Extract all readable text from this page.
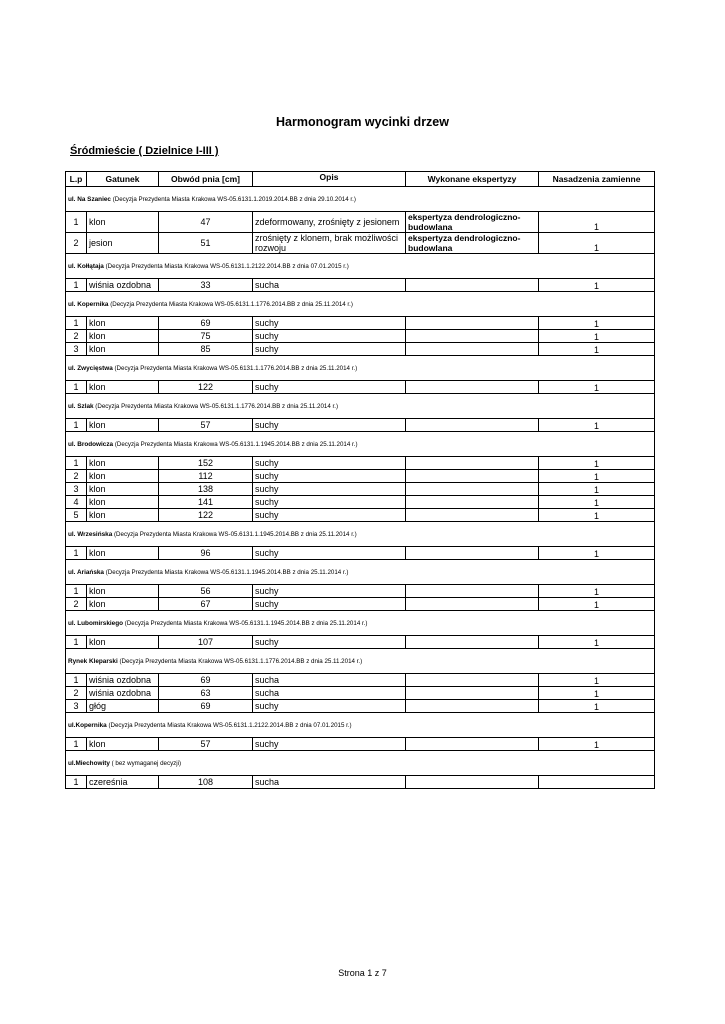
Harmonogram wycinki drzew
Śródmieście ( Dzielnice I-III )
L.p	Gatunek	Obwód pnia [cm]	Opis	Wykonane ekspertyzy	Nasadzenia zamienne
ul. Na Szaniec (Decyzja Prezydenta Miasta Krakowa WS-05.6131.1.2019.2014.BB z dnia 29.10.2014 r.)					
1	klon	47	zdeformowany, zrośnięty z jesionem	ekspertyza dendrologiczno-budowlana	1
2	jesion	51	zrośnięty z klonem, brak możliwości rozwoju	ekspertyza dendrologiczno-budowlana	1
ul. Kołłątaja (Decyzja Prezydenta Miasta Krakowa WS-05.6131.1.2122.2014.BB z dnia 07.01.2015 r.)					
1	wiśnia ozdobna	33	sucha		1
ul. Kopernika (Decyzja Prezydenta Miasta Krakowa WS-05.6131.1.1776.2014.BB z dnia 25.11.2014 r.)					
1	klon	69	suchy		1
2	klon	75	suchy		1
3	klon	85	suchy		1
ul. Zwycięstwa (Decyzja Prezydenta Miasta Krakowa WS-05.6131.1.1776.2014.BB z dnia 25.11.2014 r.)					
1	klon	122	suchy		1
ul. Szlak (Decyzja Prezydenta Miasta Krakowa WS-05.6131.1.1776.2014.BB z dnia 25.11.2014 r.)					
1	klon	57	suchy		1
ul. Brodowicza (Decyzja Prezydenta Miasta Krakowa WS-05.6131.1.1945.2014.BB z dnia 25.11.2014 r.)					
1	klon	152	suchy		1
2	klon	112	suchy		1
3	klon	138	suchy		1
4	klon	141	suchy		1
5	klon	122	suchy		1
ul. Wrzesińska (Decyzja Prezydenta Miasta Krakowa WS-05.6131.1.1945.2014.BB z dnia 25.11.2014 r.)					
1	klon	96	suchy		1
ul. Ariańska (Decyzja Prezydenta Miasta Krakowa WS-05.6131.1.1945.2014.BB z dnia 25.11.2014 r.)					
1	klon	56	suchy		1
2	klon	67	suchy		1
ul. Lubomirskiego (Decyzja Prezydenta Miasta Krakowa WS-05.6131.1.1945.2014.BB z dnia 25.11.2014 r.)					
1	klon	107	suchy		1
Rynek Kleparski (Decyzja Prezydenta Miasta Krakowa WS-05.6131.1.1776.2014.BB z dnia 25.11.2014 r.)					
1	wiśnia ozdobna	69	sucha		1
2	wiśnia ozdobna	63	sucha		1
3	głóg	69	suchy		1
ul.Kopernika (Decyzja Prezydenta Miasta Krakowa WS-05.6131.1.2122.2014.BB z dnia 07.01.2015 r.)					
1	klon	57	suchy		1
ul.Miechowity ( bez wymaganej decyzji)					
1	czereśnia	108	sucha		
Strona 1 z 7
